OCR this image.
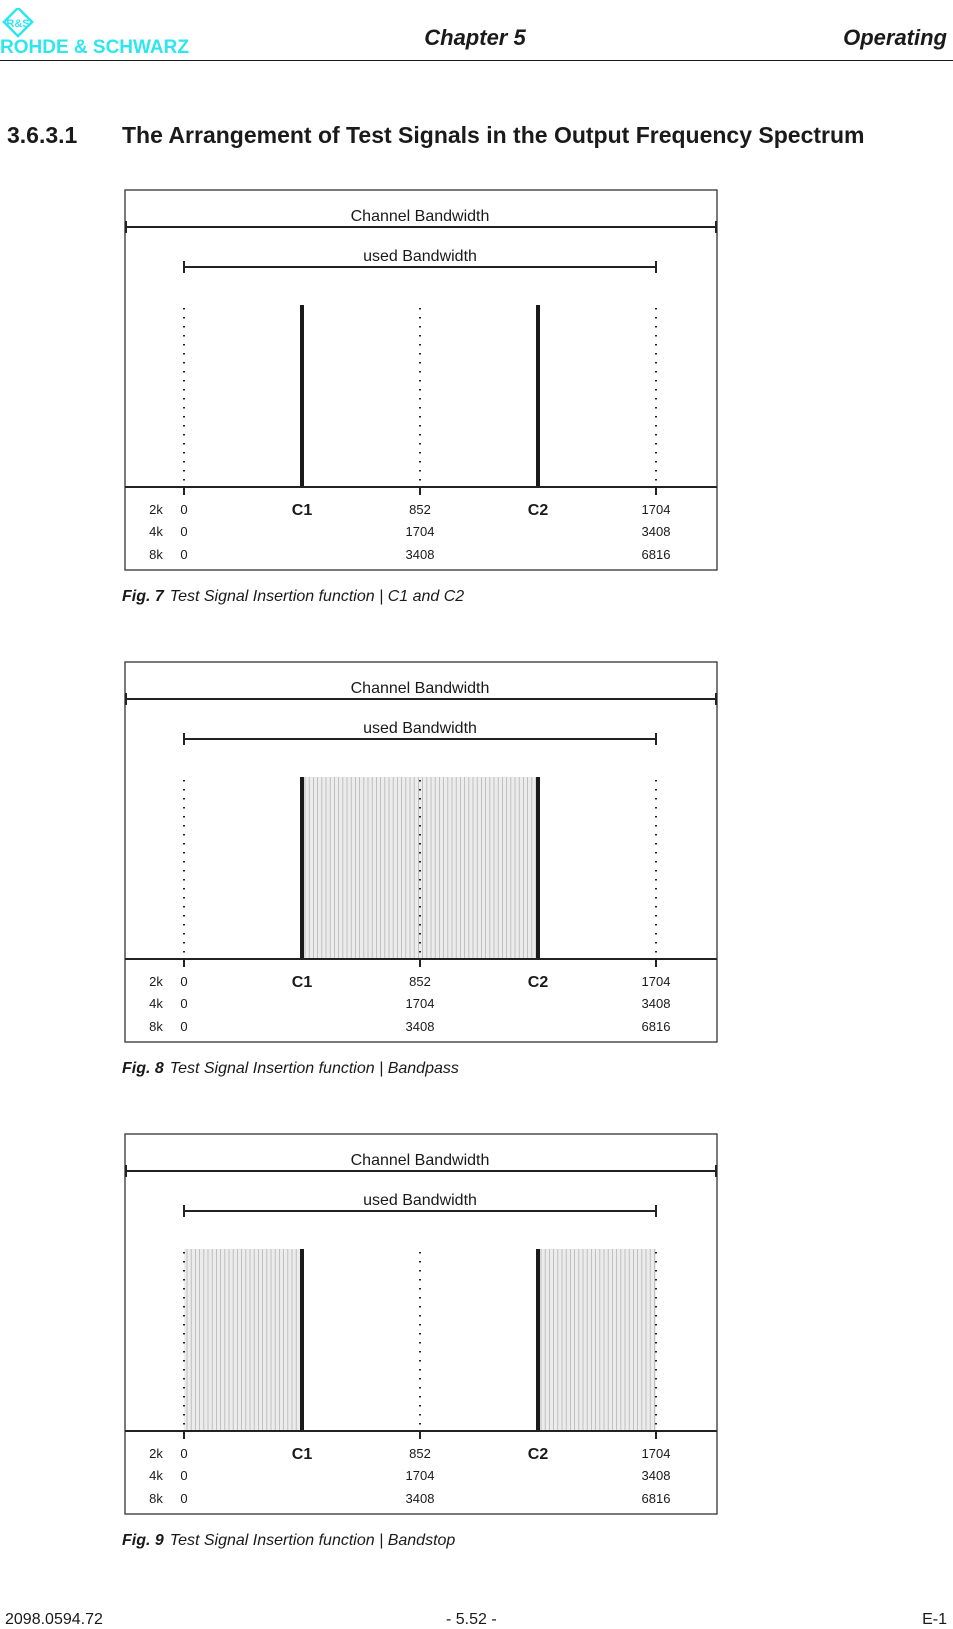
R&S
ROHDE & SCHWARZ	Chapter 5	Operating
3.6.3.1 The Arrangement of Test Signals in the Output Frequency Spectrum
Channel Bandwidth
used Bandwidth
2k 0	852	1704
4k 0	1704	3408
8k 0	3408	6816
C1	C2
Fig. 7 Test Signal Insertion function | C1 and C2
Channel Bandwidth
used Bandwidth
2k 0	852	1704
4k 0	1704	3408
8k 0	3408	6816
C1	C2
Fig. 8 Test Signal Insertion function | Bandpass
Channel Bandwidth
used Bandwidth
2k 0	852	1704
4k 0	1704	3408
8k 0	3408	6816
C1	C2
Fig. 9 Test Signal Insertion function | Bandstop
2098.0594.72	- 5.52 -	E-1
